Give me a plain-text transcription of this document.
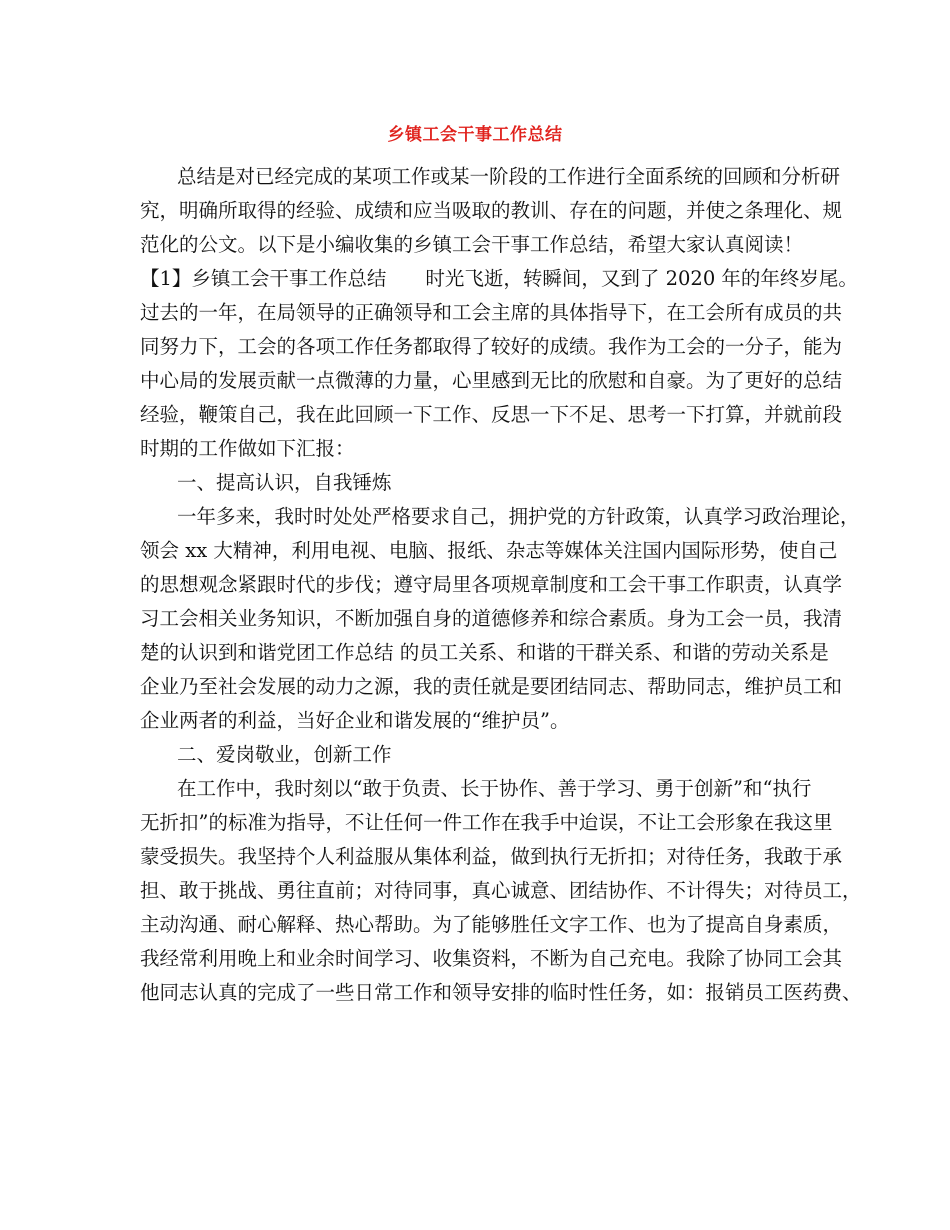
乡镇工会干事工作总结
总结是对已经完成的某项工作或某一阶段的工作进行全面系统的回顾和分析研
究，明确所取得的经验、成绩和应当吸取的教训、存在的问题，并使之条理化、规
范化的公文。以下是小编收集的乡镇工会干事工作总结，希望大家认真阅读！
【1】乡镇工会干事工作总结　　时光飞逝，转瞬间，又到了 2020 年的年终岁尾。
过去的一年，在局领导的正确领导和工会主席的具体指导下，在工会所有成员的共
同努力下，工会的各项工作任务都取得了较好的成绩。我作为工会的一分子，能为
中心局的发展贡献一点微薄的力量，心里感到无比的欣慰和自豪。为了更好的总结
经验，鞭策自己，我在此回顾一下工作、反思一下不足、思考一下打算，并就前段
时期的工作做如下汇报：
一、提高认识，自我锤炼
一年多来，我时时处处严格要求自己，拥护党的方针政策，认真学习政治理论，
领会 xx 大精神，利用电视、电脑、报纸、杂志等媒体关注国内国际形势，使自己
的思想观念紧跟时代的步伐；遵守局里各项规章制度和工会干事工作职责，认真学
习工会相关业务知识，不断加强自身的道德修养和综合素质。身为工会一员，我清
楚的认识到和谐党团工作总结 的员工关系、和谐的干群关系、和谐的劳动关系是
企业乃至社会发展的动力之源，我的责任就是要团结同志、帮助同志，维护员工和
企业两者的利益，当好企业和谐发展的“维护员”。
二、爱岗敬业，创新工作
在工作中，我时刻以“敢于负责、长于协作、善于学习、勇于创新”和“执行
无折扣”的标准为指导，不让任何一件工作在我手中迨误，不让工会形象在我这里
蒙受损失。我坚持个人利益服从集体利益，做到执行无折扣；对待任务，我敢于承
担、敢于挑战、勇往直前；对待同事，真心诚意、团结协作、不计得失；对待员工，
主动沟通、耐心解释、热心帮助。为了能够胜任文字工作、也为了提高自身素质，
我经常利用晚上和业余时间学习、收集资料，不断为自己充电。我除了协同工会其
他同志认真的完成了一些日常工作和领导安排的临时性任务，如：报销员工医药费、
